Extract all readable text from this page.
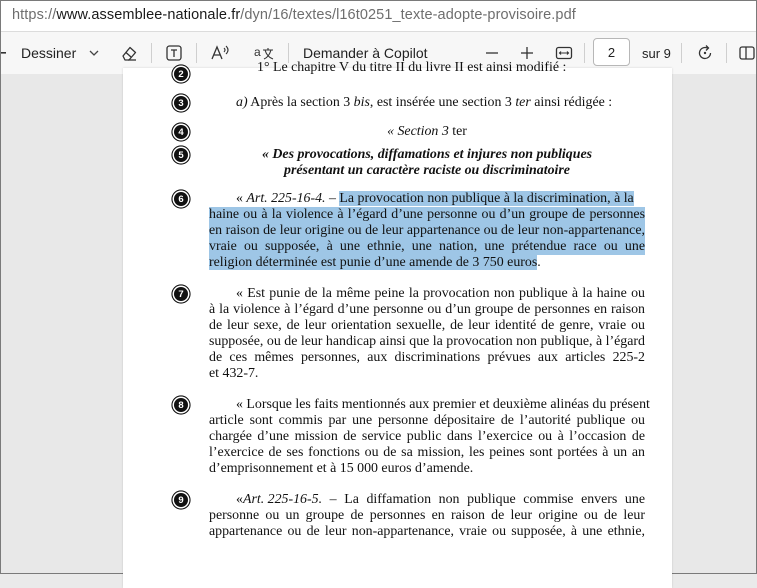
https://www.assemblee-nationale.fr/dyn/16/textes/l16t0251_texte-adopte-provisoire.pdf
Dessiner	a	Demander à Copilot	2	sur 9
1° Le chapitre V du titre II du livre II est ainsi modifié :
2
3
4
5
6
7
8
9
a) Après la section 3 bis, est insérée une section 3 ter ainsi rédigée :
« Section 3 ter
« Des provocations, diffamations et injures non publiques
présentant un caractère raciste ou discriminatoire
« Art. 225-16-4. – La provocation non publique à la discrimination, à la
haine ou à la violence à l’égard d’une personne ou d’un groupe de personnes
en raison de leur origine ou de leur appartenance ou de leur non-appartenance,
vraie ou supposée, à une ethnie, une nation, une prétendue race ou une
religion déterminée est punie d’une amende de 3 750 euros.
« Est punie de la même peine la provocation non publique à la haine ou
à la violence à l’égard d’une personne ou d’un groupe de personnes en raison
de leur sexe, de leur orientation sexuelle, de leur identité de genre, vraie ou
supposée, ou de leur handicap ainsi que la provocation non publique, à l’égard
de ces mêmes personnes, aux discriminations prévues aux articles 225-2
et 432-7.
« Lorsque les faits mentionnés aux premier et deuxième alinéas du présent
article sont commis par une personne dépositaire de l’autorité publique ou
chargée d’une mission de service public dans l’exercice ou à l’occasion de
l’exercice de ses fonctions ou de sa mission, les peines sont portées à un an
d’emprisonnement et à 15 000 euros d’amende.
« Art. 225-16-5. – La diffamation non publique commise envers une
personne ou un groupe de personnes en raison de leur origine ou de leur
appartenance ou de leur non-appartenance, vraie ou supposée, à une ethnie,
